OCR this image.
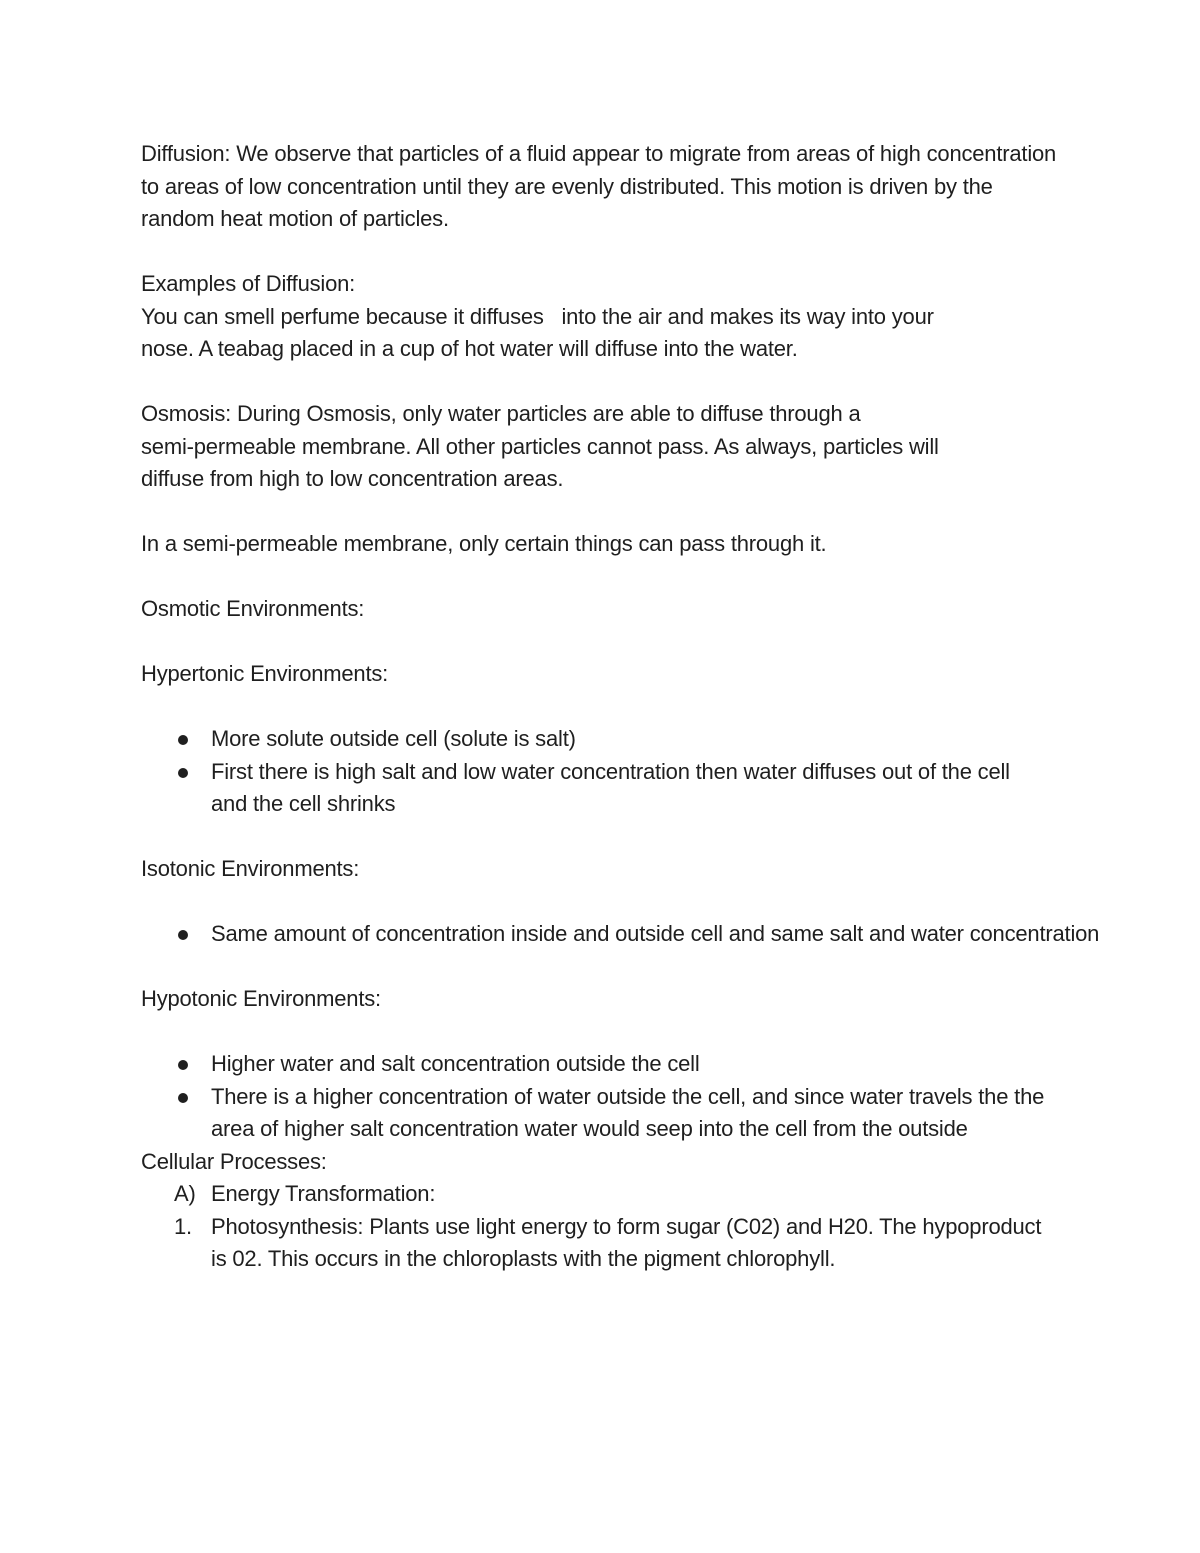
Diffusion: We observe that particles of a fluid appear to migrate from areas of high concentration to areas of low concentration until they are evenly distributed. This motion is driven by the random heat motion of particles.

Examples of Diffusion:

You can smell perfume because it diffuses   into the air and makes its way into your

nose. A teabag placed in a cup of hot water will diffuse into the water.

Osmosis: During Osmosis, only water particles are able to diffuse through a

semi-permeable membrane. All other particles cannot pass. As always, particles will

diffuse from high to low concentration areas.

In a semi-permeable membrane, only certain things can pass through it.

Osmotic Environments:

Hypertonic Environments:

More solute outside cell (solute is salt)
First there is high salt and low water concentration then water diffuses out of the cell and the cell shrinks

Isotonic Environments:

Same amount of concentration inside and outside cell and same salt and water concentration

Hypotonic Environments:

Higher water and salt concentration outside the cell
There is a higher concentration of water outside the cell, and since water travels the the area of higher salt concentration water would seep into the cell from the outside

Cellular Processes:

A) Energy Transformation:
1. Photosynthesis: Plants use light energy to form sugar (C02) and H20. The hypoproduct is 02. This occurs in the chloroplasts with the pigment chlorophyll.
